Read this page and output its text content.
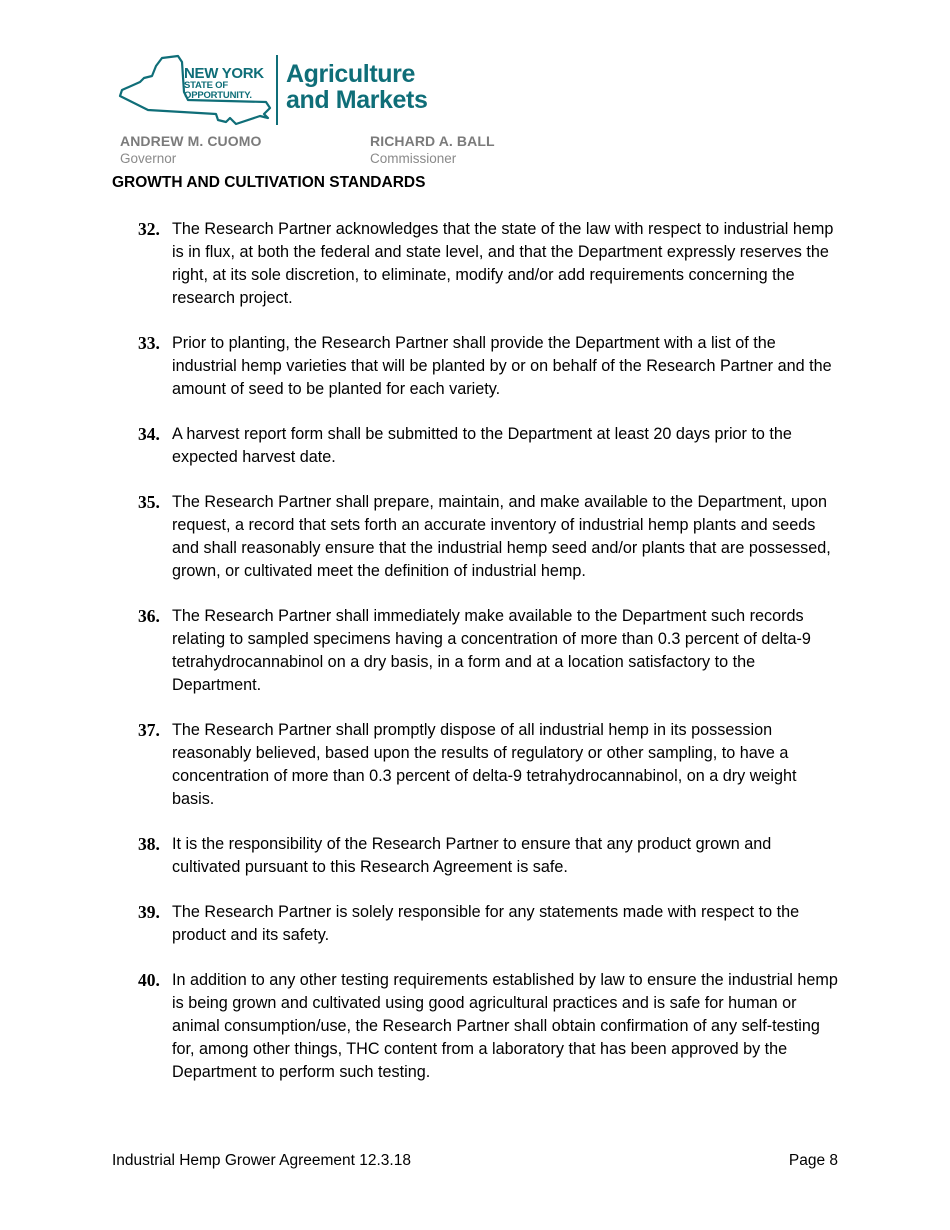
NEW YORK
STATE OF
OPPORTUNITY.
Agriculture
and Markets
ANDREW M. CUOMO
Governor
RICHARD A. BALL
Commissioner
GROWTH AND CULTIVATION STANDARDS
32. The Research Partner acknowledges that the state of the law with respect to industrial hemp is in flux, at both the federal and state level, and that the Department expressly reserves the right, at its sole discretion, to eliminate, modify and/or add requirements concerning the research project.
33. Prior to planting, the Research Partner shall provide the Department with a list of the industrial hemp varieties that will be planted by or on behalf of the Research Partner and the amount of seed to be planted for each variety.
34. A harvest report form shall be submitted to the Department at least 20 days prior to the expected harvest date.
35. The Research Partner shall prepare, maintain, and make available to the Department, upon request, a record that sets forth an accurate inventory of industrial hemp plants and seeds and shall reasonably ensure that the industrial hemp seed and/or plants that are possessed, grown, or cultivated meet the definition of industrial hemp.
36. The Research Partner shall immediately make available to the Department such records relating to sampled specimens having a concentration of more than 0.3 percent of delta-9 tetrahydrocannabinol on a dry basis, in a form and at a location satisfactory to the Department.
37. The Research Partner shall promptly dispose of all industrial hemp in its possession reasonably believed, based upon the results of regulatory or other sampling, to have a concentration of more than 0.3 percent of delta-9 tetrahydrocannabinol, on a dry weight basis.
38. It is the responsibility of the Research Partner to ensure that any product grown and cultivated pursuant to this Research Agreement is safe.
39. The Research Partner is solely responsible for any statements made with respect to the product and its safety.
40. In addition to any other testing requirements established by law to ensure the industrial hemp is being grown and cultivated using good agricultural practices and is safe for human or animal consumption/use, the Research Partner shall obtain confirmation of any self-testing for, among other things, THC content from a laboratory that has been approved by the Department to perform such testing.
Industrial Hemp Grower Agreement 12.3.18	Page 8
